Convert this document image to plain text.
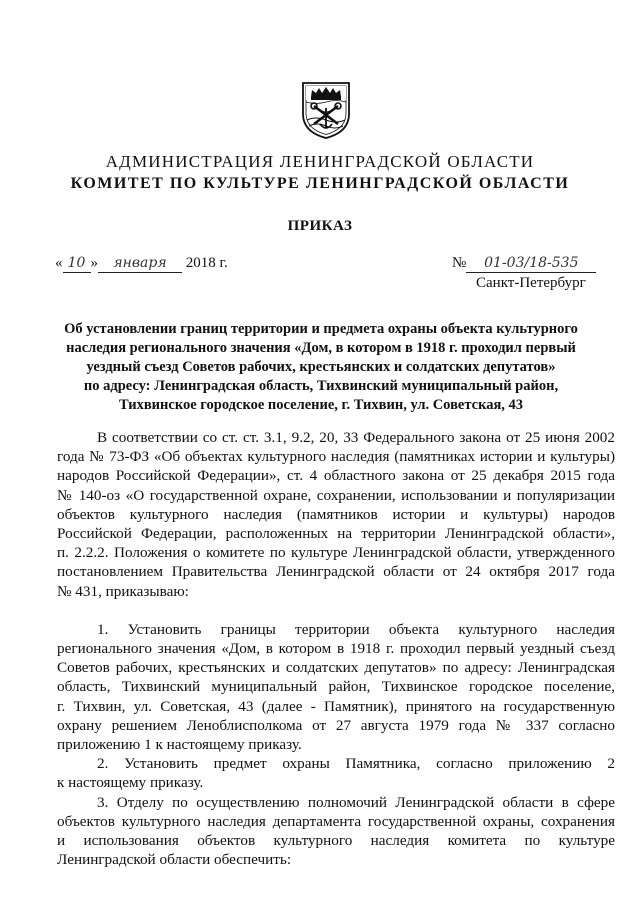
АДМИНИСТРАЦИЯ ЛЕНИНГРАДСКОЙ ОБЛАСТИ
КОМИТЕТ ПО КУЛЬТУРЕ ЛЕНИНГРАДСКОЙ ОБЛАСТИ
ПРИКАЗ
« 10 » января 2018 г.	№ 01-03/18-535
Санкт-Петербург
Об установлении границ территории и предмета охраны объекта культурного
наследия регионального значения «Дом, в котором в 1918 г. проходил первый
уездный съезд Советов рабочих, крестьянских и солдатских депутатов»
по адресу: Ленинградская область, Тихвинский муниципальный район,
Тихвинское городское поселение, г. Тихвин, ул. Советская, 43
В соответствии со ст. ст. 3.1, 9.2, 20, 33 Федерального закона от 25 июня 2002
года № 73-ФЗ «Об объектах культурного наследия (памятниках истории и культуры)
народов Российской Федерации», ст. 4 областного закона от 25 декабря 2015 года
№ 140-оз «О государственной охране, сохранении, использовании и популяризации
объектов культурного наследия (памятников истории и культуры) народов
Российской Федерации, расположенных на территории Ленинградской области»,
п. 2.2.2. Положения о комитете по культуре Ленинградской области, утвержденного
постановлением Правительства Ленинградской области от 24 октября 2017 года
№ 431, приказываю:
1. Установить границы территории объекта культурного наследия
регионального значения «Дом, в котором в 1918 г. проходил первый уездный съезд
Советов рабочих, крестьянских и солдатских депутатов» по адресу: Ленинградская
область, Тихвинский муниципальный район, Тихвинское городское поселение,
г. Тихвин, ул. Советская, 43 (далее - Памятник), принятого на государственную
охрану решением Леноблисполкома от 27 августа 1979 года № 337 согласно
приложению 1 к настоящему приказу.
2. Установить предмет охраны Памятника, согласно приложению 2
к настоящему приказу.
3. Отделу по осуществлению полномочий Ленинградской области в сфере
объектов культурного наследия департамента государственной охраны, сохранения
и использования объектов культурного наследия комитета по культуре
Ленинградской области обеспечить:
